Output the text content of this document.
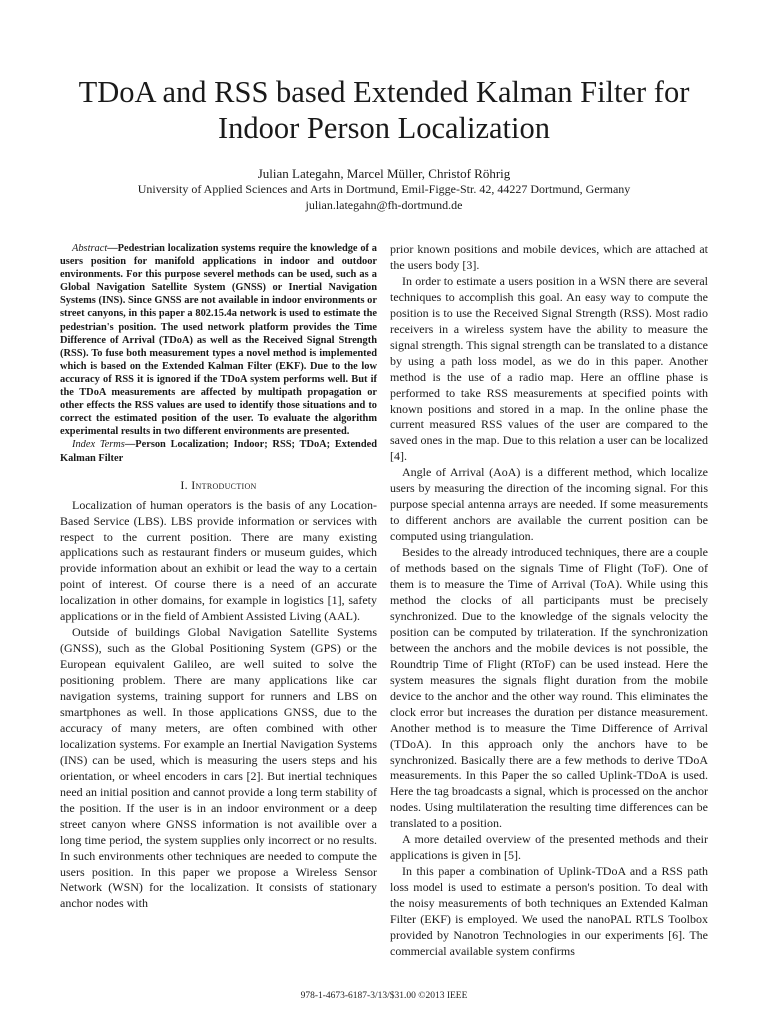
TDoA and RSS based Extended Kalman Filter for
Indoor Person Localization
Julian Lategahn, Marcel Müller, Christof Röhrig
University of Applied Sciences and Arts in Dortmund, Emil-Figge-Str. 42, 44227 Dortmund, Germany
julian.lategahn@fh-dortmund.de

Abstract—Pedestrian localization systems require the knowledge of a users position for manifold applications in indoor and outdoor environments. For this purpose severel methods can be used, such as a Global Navigation Satellite System (GNSS) or Inertial Navigation Systems (INS). Since GNSS are not available in indoor environments or street canyons, in this paper a 802.15.4a network is used to estimate the pedestrian's position. The used network platform provides the Time Difference of Arrival (TDoA) as well as the Received Signal Strength (RSS). To fuse both measurement types a novel method is implemented which is based on the Extended Kalman Filter (EKF). Due to the low accuracy of RSS it is ignored if the TDoA system performs well. But if the TDoA measurements are affected by multipath propagation or other effects the RSS values are used to identify those situations and to correct the estimated position of the user. To evaluate the algorithm experimental results in two different environments are presented.

Index Terms—Person Localization; Indoor; RSS; TDoA; Extended Kalman Filter

I. Introduction

Localization of human operators is the basis of any Location-Based Service (LBS). LBS provide information or services with respect to the current position. There are many existing applications such as restaurant finders or museum guides, which provide information about an exhibit or lead the way to a certain point of interest. Of course there is a need of an accurate localization in other domains, for example in logistics [1], safety applications or in the field of Ambient Assisted Living (AAL).

Outside of buildings Global Navigation Satellite Systems (GNSS), such as the Global Positioning System (GPS) or the European equivalent Galileo, are well suited to solve the positioning problem. There are many applications like car navigation systems, training support for runners and LBS on smartphones as well. In those applications GNSS, due to the accuracy of many meters, are often combined with other localization systems. For example an Inertial Navigation Systems (INS) can be used, which is measuring the users steps and his orientation, or wheel encoders in cars [2]. But inertial techniques need an initial position and cannot provide a long term stability of the position. If the user is in an indoor environment or a deep street canyon where GNSS information is not availible over a long time period, the system supplies only incorrect or no results. In such environments other techniques are needed to compute the users position. In this paper we propose a Wireless Sensor Network (WSN) for the localization. It consists of stationary anchor nodes with

prior known positions and mobile devices, which are attached at the users body [3].

In order to estimate a users position in a WSN there are several techniques to accomplish this goal. An easy way to compute the position is to use the Received Signal Strength (RSS). Most radio receivers in a wireless system have the ability to measure the signal strength. This signal strength can be translated to a distance by using a path loss model, as we do in this paper. Another method is the use of a radio map. Here an offline phase is performed to take RSS measurements at specified points with known positions and stored in a map. In the online phase the current measured RSS values of the user are compared to the saved ones in the map. Due to this relation a user can be localized [4].

Angle of Arrival (AoA) is a different method, which localize users by measuring the direction of the incoming signal. For this purpose special antenna arrays are needed. If some measurements to different anchors are available the current position can be computed using triangulation.

Besides to the already introduced techniques, there are a couple of methods based on the signals Time of Flight (ToF). One of them is to measure the Time of Arrival (ToA). While using this method the clocks of all participants must be precisely synchronized. Due to the knowledge of the signals velocity the position can be computed by trilateration. If the synchronization between the anchors and the mobile devices is not possible, the Roundtrip Time of Flight (RToF) can be used instead. Here the system measures the signals flight duration from the mobile device to the anchor and the other way round. This eliminates the clock error but increases the duration per distance measurement. Another method is to measure the Time Difference of Arrival (TDoA). In this approach only the anchors have to be synchronized. Basically there are a few methods to derive TDoA measurements. In this Paper the so called Uplink-TDoA is used. Here the tag broadcasts a signal, which is processed on the anchor nodes. Using multilateration the resulting time differences can be translated to a position.

A more detailed overview of the presented methods and their applications is given in [5].

In this paper a combination of Uplink-TDoA and a RSS path loss model is used to estimate a person's position. To deal with the noisy measurements of both techniques an Extended Kalman Filter (EKF) is employed. We used the nanoPAL RTLS Toolbox provided by Nanotron Technologies in our experiments [6]. The commercial available system confirms

978-1-4673-6187-3/13/$31.00 ©2013 IEEE
